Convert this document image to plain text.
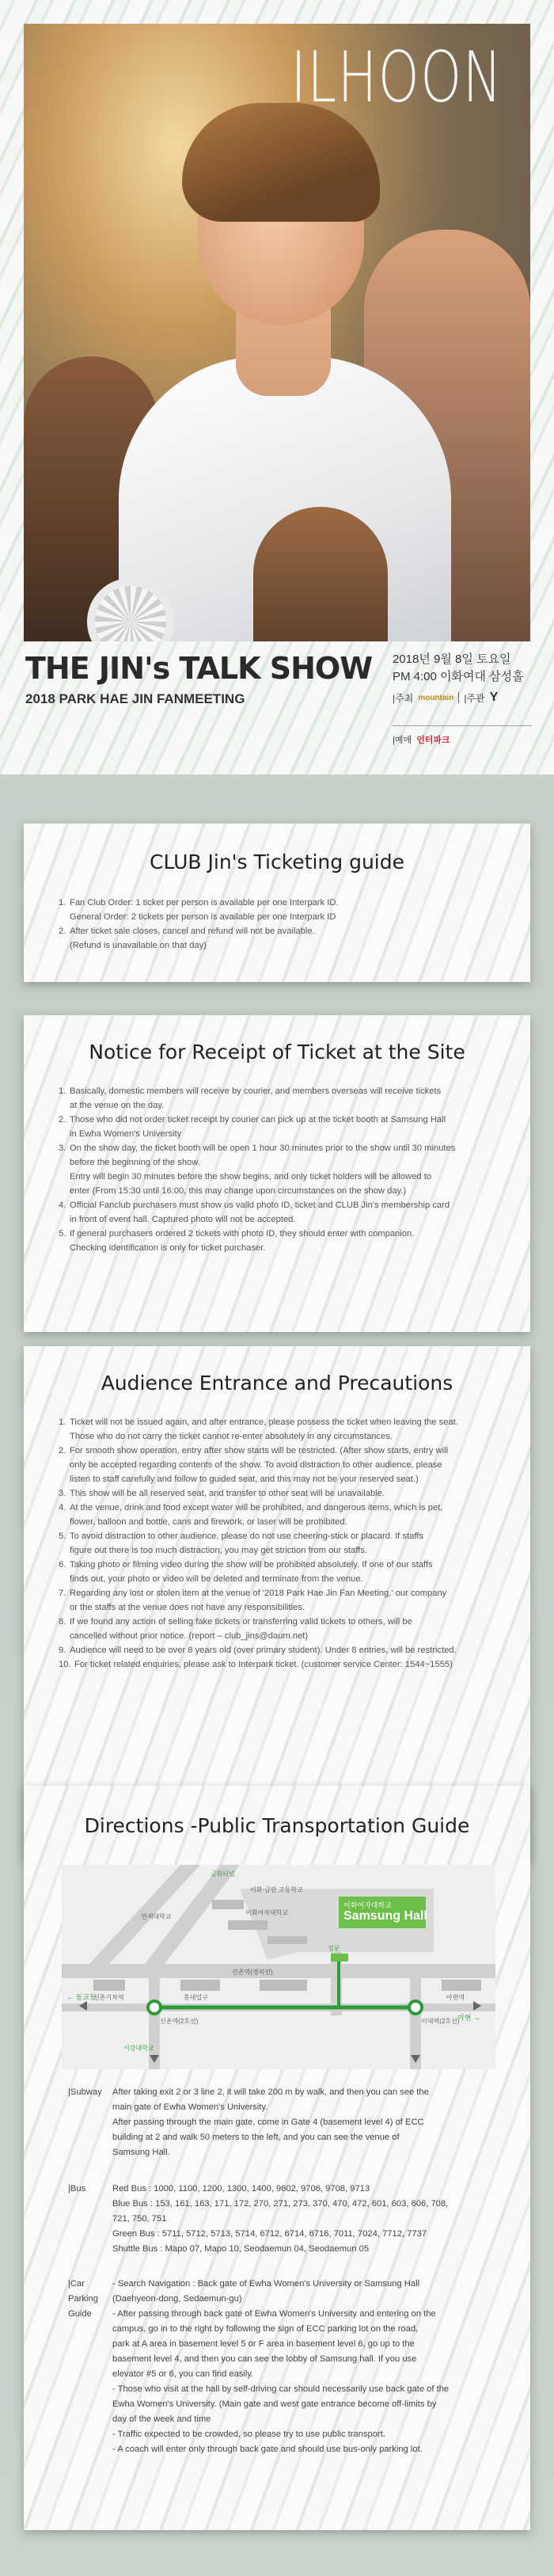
ILHOON
THE JIN's TALK SHOW
2018 PARK HAE JIN FANMEETING
2018년 9월 8일 토요일
PM 4:00 이화여대 삼성홀
|주최 mountain |주관 Y
|예매 인터파크
CLUB Jin's Ticketing guide
1. Fan Club Order: 1 ticket per person is available per one Interpark ID.
General Order: 2 tickets per person is available per one Interpark ID
2. After ticket sale closes, cancel and refund will not be available.
(Refund is unavailable on that day)
Notice for Receipt of Ticket at the Site
1. Basically, domestic members will receive by courier, and members overseas will receive tickets
at the venue on the day.
2. Those who did not order ticket receipt by courier can pick up at the ticket booth at Samsung Hall
in Ewha Women's University
3. On the show day, the ticket booth will be open 1 hour 30 minutes prior to the show until 30 minutes
before the beginning of the show.
Entry will begin 30 minutes before the show begins, and only ticket holders will be allowed to
enter (From 15:30 until 16:00, this may change upon circumstances on the show day.)
4. Official Fanclub purchasers must show us valid photo ID, ticket and CLUB Jin's membership card
in front of event hall. Captured photo will not be accepted.
5. If general purchasers ordered 2 tickets with photo ID, they should enter with companion.
Checking identification is only for ticket purchaser.
Audience Entrance and Precautions
1. Ticket will not be issued again, and after entrance, please possess the ticket when leaving the seat.
Those who do not carry the ticket cannot re-enter absolutely in any circumstances.
2. For smooth show operation, entry after show starts will be restricted. (After show starts, entry will
only be accepted regarding contents of the show. To avoid distraction to other audience, please
listen to staff carefully and follow to guided seat, and this may not be your reserved seat.)
3. This show will be all reserved seat, and transfer to other seat will be unavailable.
4. At the venue, drink and food except water will be prohibited, and dangerous items, which is pet,
flower, balloon and bottle, cans and firework, or laser will be prohibited.
5. To avoid distraction to other audience, please do not use cheering-stick or placard. If staffs
figure out there is too much distraction, you may get striction from our staffs.
6. Taking photo or filming video during the show will be prohibited absolutely. If one of our staffs
finds out, your photo or video will be deleted and terminate from the venue.
7. Regarding any lost or stolen item at the venue of '2018 Park Hae Jin Fan Meeting,' our company
or the staffs at the venue does not have any responsibilities.
8. If we found any action of selling fake tickets or transferring valid tickets to others, will be
cancelled without prior notice. (report – club_jins@daum.net)
9. Audience will need to be over 8 years old (over primary student). Under 8 entries, will be restricted.
10. For ticket related enquiries, please ask to Interpark ticket. (customer service Center: 1544~1555)
Directions -Public Transportation Guide
이화여자대학교
Samsung Hall
금화터널
이화·금란 고등학교
연세대학교
이화여자대학교
신촌역(경의선)
신촌역(2호선)	이대역(2호선)
아현역
서강대학교
신촌기차역	홍대입구
← 동교동
아현 →
정문
|Subway	After taking exit 2 or 3 line 2, it will take 200 m by walk, and then you can see the
main gate of Ewha Women's University.
After passing through the main gate, come in Gate 4 (basement level 4) of ECC
building at 2 and walk 50 meters to the left, and you can see the venue of
Samsung Hall.
|Bus	Red Bus : 1000, 1100, 1200, 1300, 1400, 9602, 9706, 9708, 9713
Blue Bus : 153, 161, 163, 171, 172, 270, 271, 273, 370, 470, 472, 601, 603, 606, 708,
721, 750, 751
Green Bus : 5711, 5712, 5713, 5714, 6712, 6714, 6716, 7011, 7024, 7712, 7737
Shuttle Bus : Mapo 07, Mapo 10, Seodaemun 04, Seodaemun 05
|Car Parking Guide
- Search Navigation : Back gate of Ewha Women's University or Samsung Hall
(Daehyeon-dong, Sedaemun-gu)
- After passing through back gate of Ewha Women's University and entering on the
campus, go in to the right by following the sign of ECC parking lot on the road,
park at A area in basement level 5 or F area in basement level 6, go up to the
basement level 4, and then you can see the lobby of Samsung hall. If you use
elevator #5 or 6, you can find easily.
- Those who visit at the hall by self-driving car should necessarily use back gate of the
Ewha Women's University. (Main gate and west gate entrance become off-limits by
day of the week and time
- Traffic expected to be crowded, so please try to use public transport.
- A coach will enter only through back gate and should use bus-only parking lot.
